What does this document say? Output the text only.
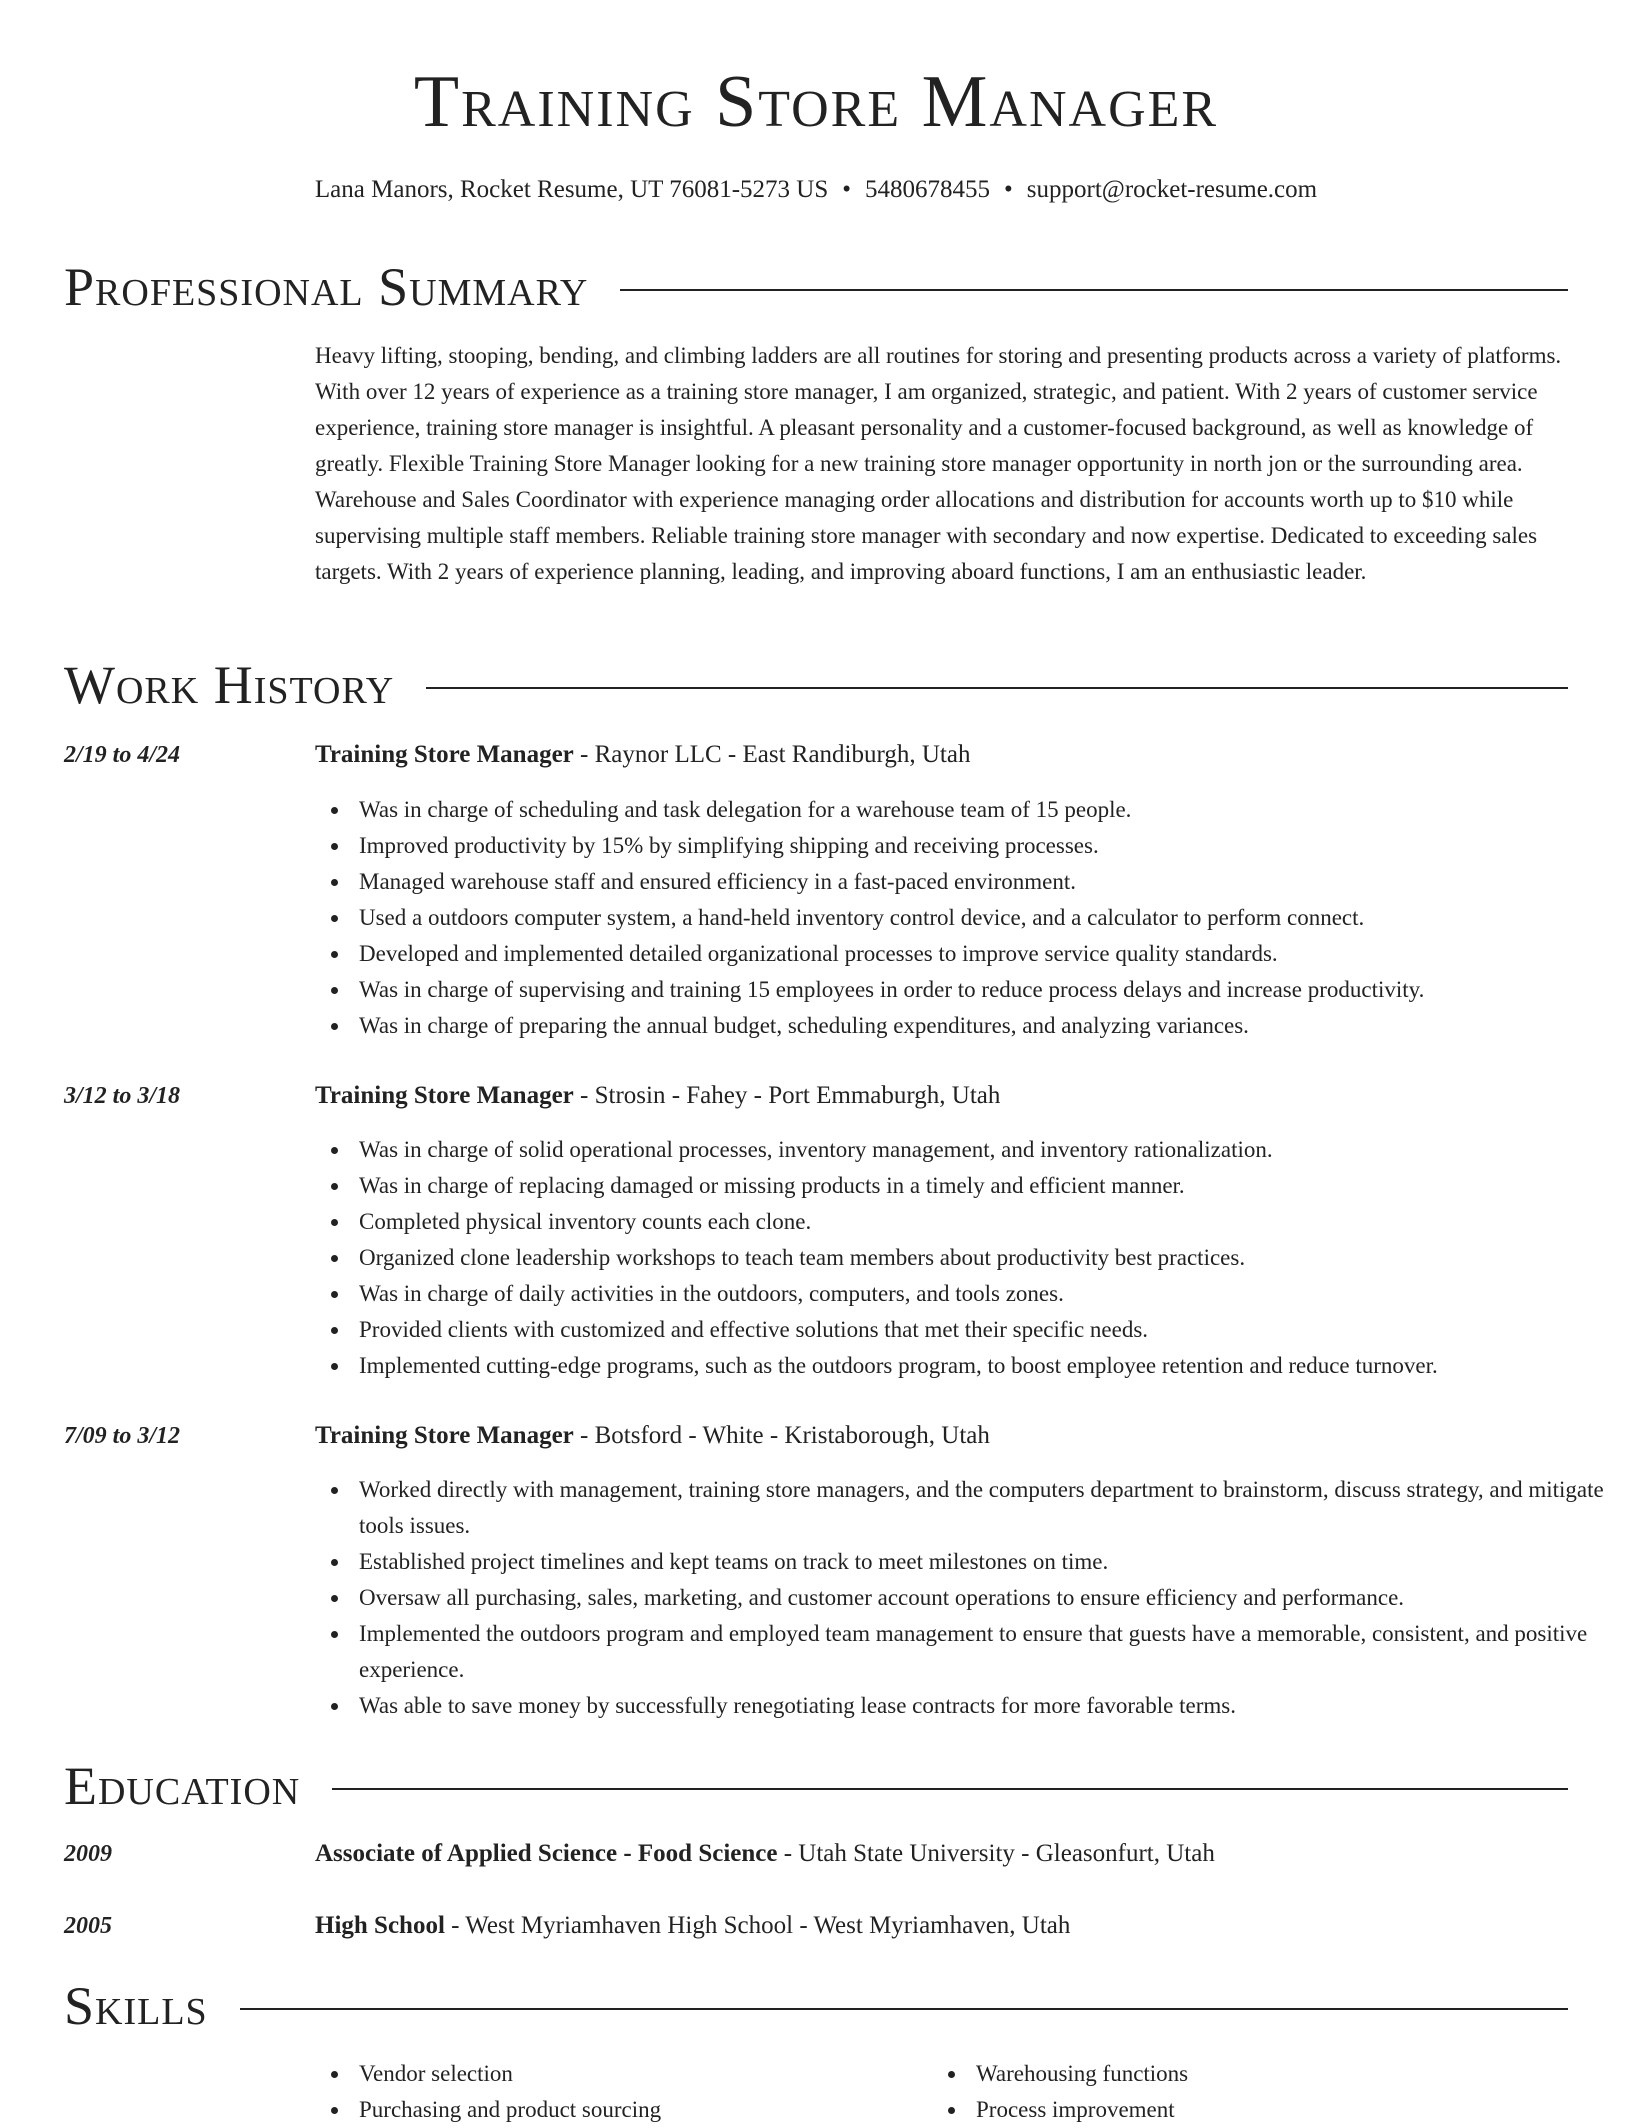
Training Store Manager
Lana Manors, Rocket Resume, UT 76081-5273 US • 5480678455 • support@rocket-resume.com
Professional Summary

Heavy lifting, stooping, bending, and climbing ladders are all routines for storing and presenting products across a variety of platforms. With over 12 years of experience as a training store manager, I am organized, strategic, and patient. With 2 years of customer service experience, training store manager is insightful. A pleasant personality and a customer-focused background, as well as knowledge of greatly. Flexible Training Store Manager looking for a new training store manager opportunity in north jon or the surrounding area. Warehouse and Sales Coordinator with experience managing order allocations and distribution for accounts worth up to $10 while supervising multiple staff members. Reliable training store manager with secondary and now expertise. Dedicated to exceeding sales targets. With 2 years of experience planning, leading, and improving aboard functions, I am an enthusiastic leader.

Work History
2/19 to 4/24	Training Store Manager - Raynor LLC - East Randiburgh, Utah
Was in charge of scheduling and task delegation for a warehouse team of 15 people.
Improved productivity by 15% by simplifying shipping and receiving processes.
Managed warehouse staff and ensured efficiency in a fast-paced environment.
Used a outdoors computer system, a hand-held inventory control device, and a calculator to perform connect.
Developed and implemented detailed organizational processes to improve service quality standards.
Was in charge of supervising and training 15 employees in order to reduce process delays and increase productivity.
Was in charge of preparing the annual budget, scheduling expenditures, and analyzing variances.
3/12 to 3/18	Training Store Manager - Strosin - Fahey - Port Emmaburgh, Utah
Was in charge of solid operational processes, inventory management, and inventory rationalization.
Was in charge of replacing damaged or missing products in a timely and efficient manner.
Completed physical inventory counts each clone.
Organized clone leadership workshops to teach team members about productivity best practices.
Was in charge of daily activities in the outdoors, computers, and tools zones.
Provided clients with customized and effective solutions that met their specific needs.
Implemented cutting-edge programs, such as the outdoors program, to boost employee retention and reduce turnover.
7/09 to 3/12	Training Store Manager - Botsford - White - Kristaborough, Utah
Worked directly with management, training store managers, and the computers department to brainstorm, discuss strategy, and mitigate tools issues.
Established project timelines and kept teams on track to meet milestones on time.
Oversaw all purchasing, sales, marketing, and customer account operations to ensure efficiency and performance.
Implemented the outdoors program and employed team management to ensure that guests have a memorable, consistent, and positive experience.
Was able to save money by successfully renegotiating lease contracts for more favorable terms.
Education
2009	Associate of Applied Science - Food Science - Utah State University - Gleasonfurt, Utah
2005	High School - West Myriamhaven High School - West Myriamhaven, Utah
Skills
Vendor selection
Purchasing and product sourcing
Warehousing functions
Process improvement
